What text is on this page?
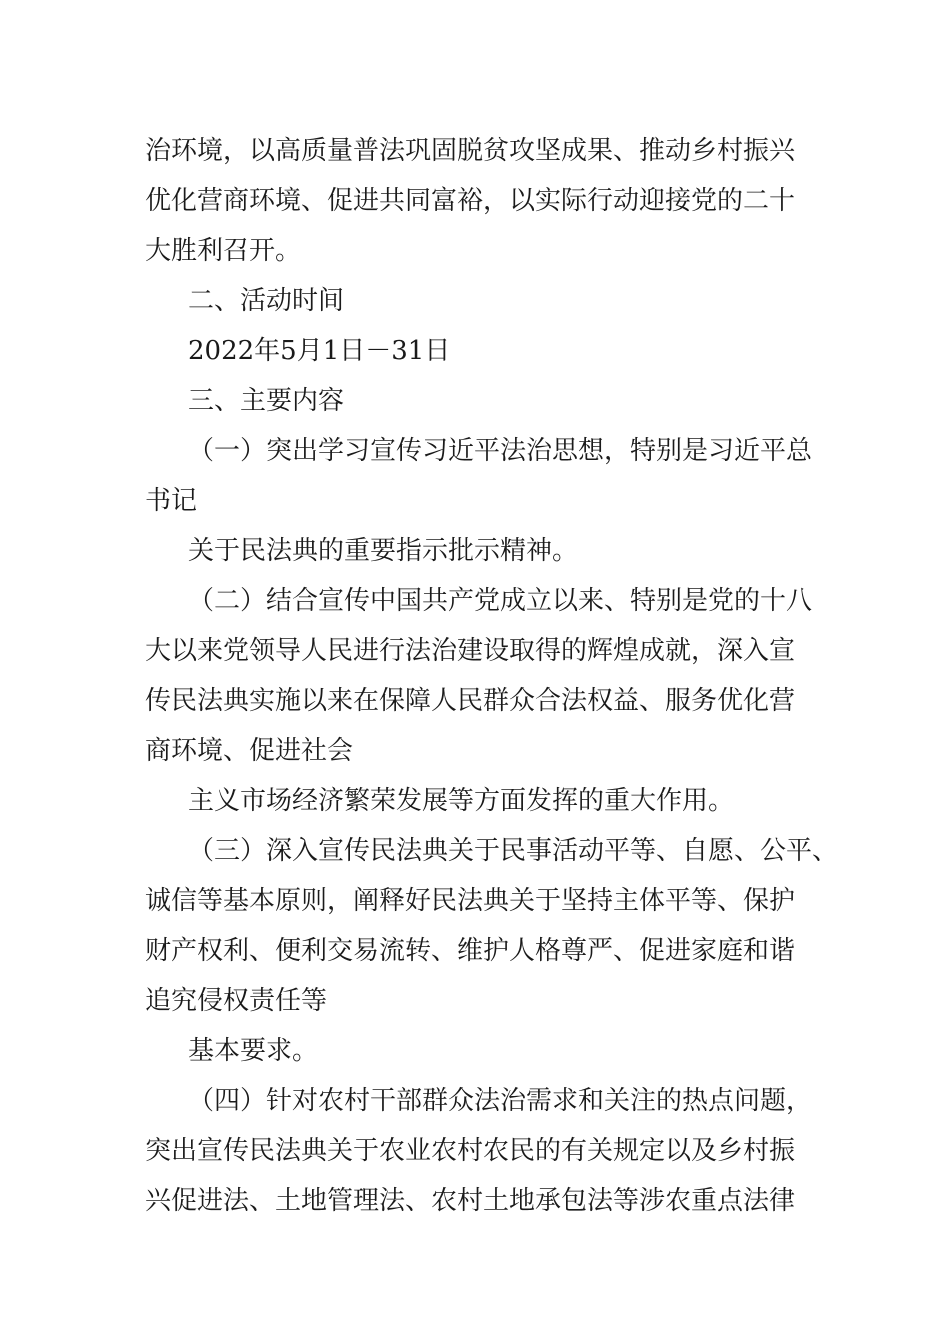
治环境，以高质量普法巩固脱贫攻坚成果、推动乡村振兴
优化营商环境、促进共同富裕，以实际行动迎接党的二十
大胜利召开。
二、活动时间
2022年5月1日－31日
三、主要内容
（一）突出学习宣传习近平法治思想，特别是习近平总
书记
关于民法典的重要指示批示精神。
（二）结合宣传中国共产党成立以来、特别是党的十八
大以来党领导人民进行法治建设取得的辉煌成就，深入宣
传民法典实施以来在保障人民群众合法权益、服务优化营
商环境、促进社会
主义市场经济繁荣发展等方面发挥的重大作用。
（三）深入宣传民法典关于民事活动平等、自愿、公平、
诚信等基本原则，阐释好民法典关于坚持主体平等、保护
财产权利、便利交易流转、维护人格尊严、促进家庭和谐
追究侵权责任等
基本要求。
（四）针对农村干部群众法治需求和关注的热点问题，
突出宣传民法典关于农业农村农民的有关规定以及乡村振
兴促进法、土地管理法、农村土地承包法等涉农重点法律
